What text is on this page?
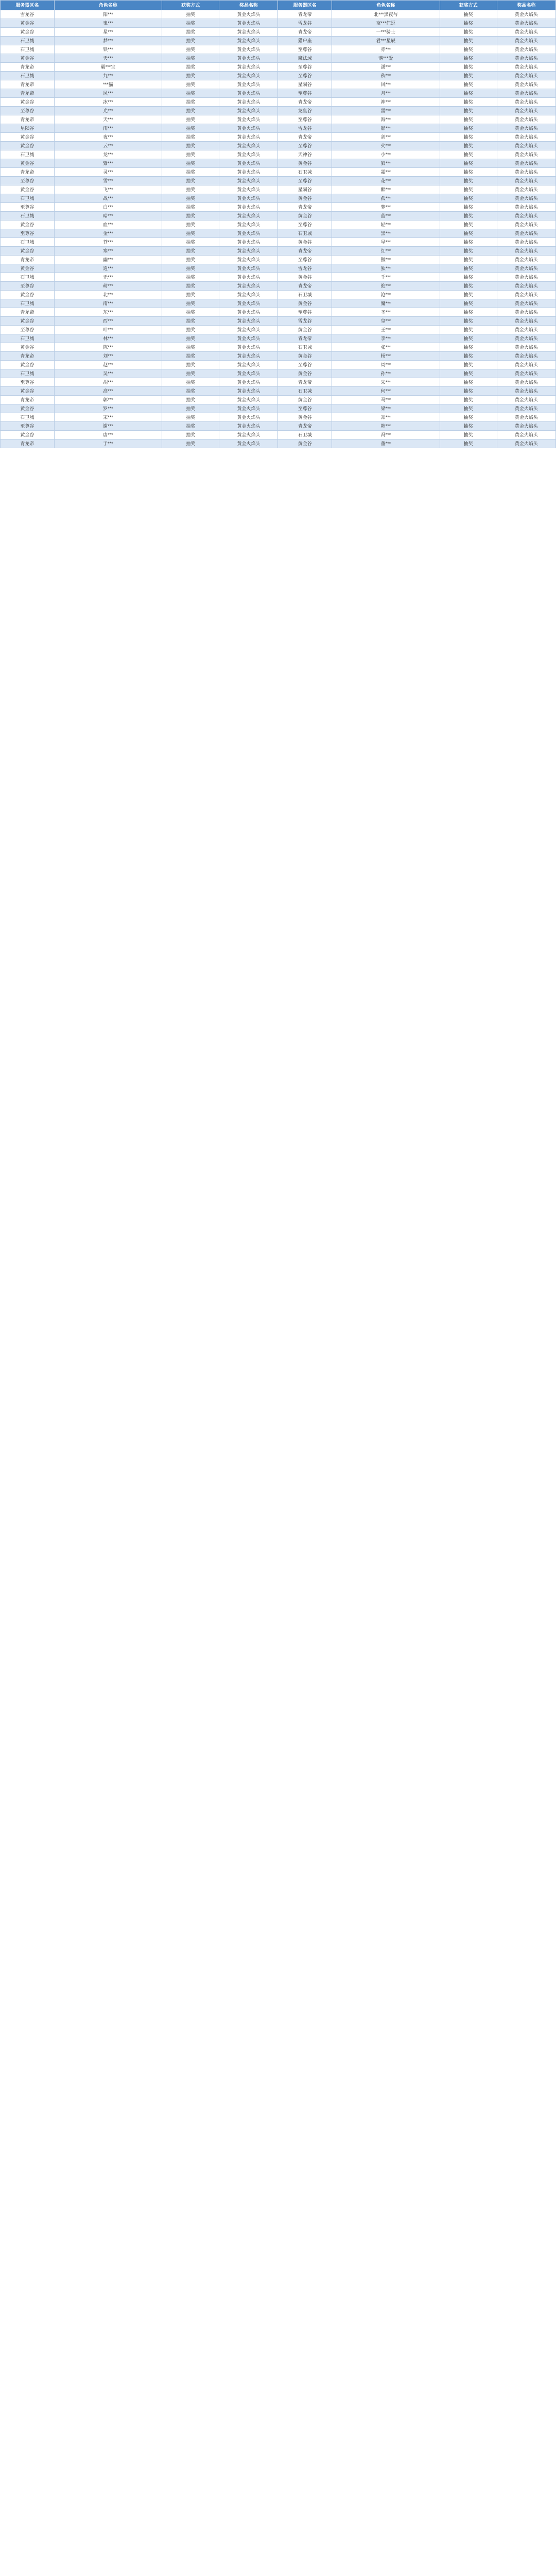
服务器区名	角色名称	获奖方式	奖品名称	服务器区名	角色名称	获奖方式	奖品名称
雪龙谷	阳***	抽奖	黄金火焰头	青龙帝	北***黑夜与	抽奖	黄金火焰头
黄金谷	鬼***	抽奖	黄金火焰头	雪龙谷	奈***仨逗	抽奖	黄金火焰头
黄金谷	星***	抽奖	黄金火焰头	青龙帝	一***骑士	抽奖	黄金火焰头
石卫城	梦***	抽奖	黄金火焰头	猎户座	君***星辰	抽奖	黄金火焰头
石卫城	铁***	抽奖	黄金火焰头	至尊谷	赤***	抽奖	黄金火焰头
黄金谷	天***	抽奖	黄金火焰头	魔法域	落***爱	抽奖	黄金火焰头
青龙帝	霸***宝	抽奖	黄金火焰头	至尊谷	潇***	抽奖	黄金火焰头
石卫城	九***	抽奖	黄金火焰头	至尊谷	秋***	抽奖	黄金火焰头
青龙帝	***猫	抽奖	黄金火焰头	星陨谷	风***	抽奖	黄金火焰头
青龙帝	风***	抽奖	黄金火焰头	至尊谷	月***	抽奖	黄金火焰头
黄金谷	冰***	抽奖	黄金火焰头	青龙帝	神***	抽奖	黄金火焰头
至尊谷	光***	抽奖	黄金火焰头	龙皇谷	雷***	抽奖	黄金火焰头
青龙帝	天***	抽奖	黄金火焰头	至尊谷	海***	抽奖	黄金火焰头
星陨谷	雨***	抽奖	黄金火焰头	雪龙谷	影***	抽奖	黄金火焰头
黄金谷	夜***	抽奖	黄金火焰头	青龙帝	剑***	抽奖	黄金火焰头
黄金谷	云***	抽奖	黄金火焰头	至尊谷	火***	抽奖	黄金火焰头
石卫城	龙***	抽奖	黄金火焰头	天神谷	小***	抽奖	黄金火焰头
黄金谷	紫***	抽奖	黄金火焰头	黄金谷	狼***	抽奖	黄金火焰头
青龙帝	灵***	抽奖	黄金火焰头	石卫城	霜***	抽奖	黄金火焰头
至尊谷	雪***	抽奖	黄金火焰头	至尊谷	花***	抽奖	黄金火焰头
黄金谷	飞***	抽奖	黄金火焰头	星陨谷	醉***	抽奖	黄金火焰头
石卫城	战***	抽奖	黄金火焰头	黄金谷	孤***	抽奖	黄金火焰头
至尊谷	白***	抽奖	黄金火焰头	青龙帝	梦***	抽奖	黄金火焰头
石卫城	暗***	抽奖	黄金火焰头	黄金谷	蓝***	抽奖	黄金火焰头
黄金谷	血***	抽奖	黄金火焰头	至尊谷	轻***	抽奖	黄金火焰头
至尊谷	金***	抽奖	黄金火焰头	石卫城	黑***	抽奖	黄金火焰头
石卫城	苍***	抽奖	黄金火焰头	黄金谷	星***	抽奖	黄金火焰头
黄金谷	寒***	抽奖	黄金火焰头	青龙帝	红***	抽奖	黄金火焰头
青龙帝	幽***	抽奖	黄金火焰头	至尊谷	傲***	抽奖	黄金火焰头
黄金谷	逍***	抽奖	黄金火焰头	雪龙谷	独***	抽奖	黄金火焰头
石卫城	无***	抽奖	黄金火焰头	黄金谷	千***	抽奖	黄金火焰头
至尊谷	萌***	抽奖	黄金火焰头	青龙帝	绝***	抽奖	黄金火焰头
黄金谷	北***	抽奖	黄金火焰头	石卫城	沧***	抽奖	黄金火焰头
石卫城	南***	抽奖	黄金火焰头	黄金谷	魔***	抽奖	黄金火焰头
青龙帝	东***	抽奖	黄金火焰头	至尊谷	圣***	抽奖	黄金火焰头
黄金谷	西***	抽奖	黄金火焰头	雪龙谷	皇***	抽奖	黄金火焰头
至尊谷	叶***	抽奖	黄金火焰头	黄金谷	王***	抽奖	黄金火焰头
石卫城	林***	抽奖	黄金火焰头	青龙帝	李***	抽奖	黄金火焰头
黄金谷	陈***	抽奖	黄金火焰头	石卫城	张***	抽奖	黄金火焰头
青龙帝	刘***	抽奖	黄金火焰头	黄金谷	杨***	抽奖	黄金火焰头
黄金谷	赵***	抽奖	黄金火焰头	至尊谷	周***	抽奖	黄金火焰头
石卫城	吴***	抽奖	黄金火焰头	黄金谷	孙***	抽奖	黄金火焰头
至尊谷	胡***	抽奖	黄金火焰头	青龙帝	朱***	抽奖	黄金火焰头
黄金谷	高***	抽奖	黄金火焰头	石卫城	何***	抽奖	黄金火焰头
青龙帝	郭***	抽奖	黄金火焰头	黄金谷	马***	抽奖	黄金火焰头
黄金谷	罗***	抽奖	黄金火焰头	至尊谷	梁***	抽奖	黄金火焰头
石卫城	宋***	抽奖	黄金火焰头	黄金谷	郑***	抽奖	黄金火焰头
至尊谷	谢***	抽奖	黄金火焰头	青龙帝	韩***	抽奖	黄金火焰头
黄金谷	唐***	抽奖	黄金火焰头	石卫城	冯***	抽奖	黄金火焰头
青龙帝	于***	抽奖	黄金火焰头	黄金谷	董***	抽奖	黄金火焰头
